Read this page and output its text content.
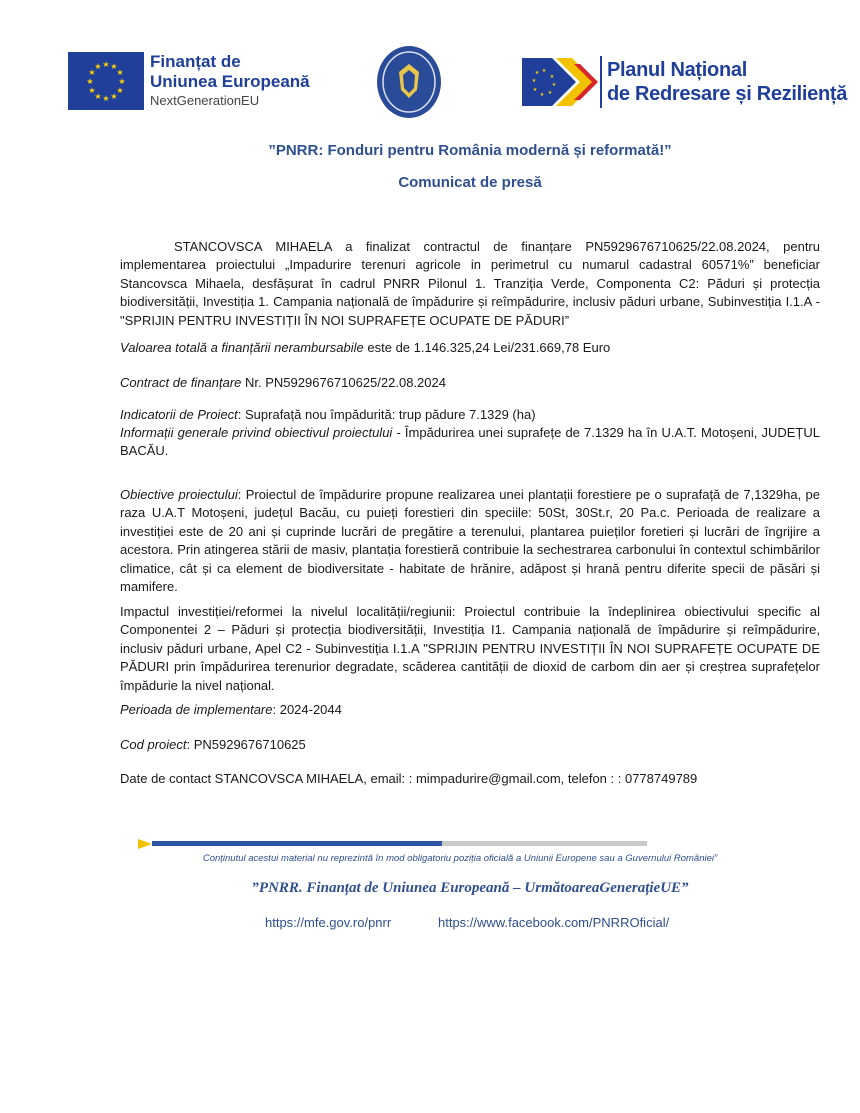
★ ★
★
★
★
★
★
★
★
★
★
★	Finanțat de
Uniunea Europeană
NextGenerationEU
★
★
★
★
★
★
★
★	Planul Național
de Redresare și Reziliență
”PNRR: Fonduri pentru România modernă și reformată!”
Comunicat de presă
STANCOVSCA MIHAELA a finalizat contractul de finanțare PN5929676710625/22.08.2024, pentru implementarea proiectului „Impadurire terenuri agricole in perimetrul cu numarul cadastral 60571%” beneficiar Stancovsca Mihaela, desfășurat în cadrul PNRR Pilonul 1. Tranziția Verde, Componenta C2: Păduri și protecția biodiversității, Investiția 1. Campania națională de împădurire și reîmpădurire, inclusiv păduri urbane, Subinvestiția I.1.A - "SPRIJIN PENTRU INVESTIȚII ÎN NOI SUPRAFEȚE OCUPATE DE PĂDURI”
Valoarea totală a finanțării nerambursabile este de 1.146.325,24 Lei/231.669,78 Euro
Contract de finanțare Nr. PN5929676710625/22.08.2024
Indicatorii de Proiect: Suprafață nou împădurită: trup pădure 7.1329 (ha)
Informații generale privind obiectivul proiectului - Împădurirea unei suprafețe de 7.1329 ha în U.A.T. Motoșeni, JUDEȚUL BACĂU.
Obiective proiectului: Proiectul de împădurire propune realizarea unei plantații forestiere pe o suprafață de 7,1329ha, pe raza U.A.T Motoșeni, județul Bacău, cu puieți forestieri din speciile: 50St, 30St.r, 20 Pa.c. Perioada de realizare a investiției este de 20 ani și cuprinde lucrări de pregătire a terenului, plantarea puieților foretieri și lucrări de îngrijire a acestora. Prin atingerea stării de masiv, plantația forestieră contribuie la sechestrarea carbonului în contextul schimbărilor climatice, cât și ca element de biodiversitate - habitate de hrănire, adăpost și hrană pentru diferite specii de păsări și mamifere.
Impactul investiției/reformei la nivelul localității/regiunii: Proiectul contribuie la îndeplinirea obiectivului specific al Componentei 2 – Păduri și protecția biodiversității, Investiția I1. Campania națională de împădurire și reîmpădurire, inclusiv păduri urbane, Apel C2 - Subinvestiția I.1.A "SPRIJIN PENTRU INVESTIȚII ÎN NOI SUPRAFEȚE OCUPATE DE PĂDURI prin împădurirea terenurior degradate, scăderea cantității de dioxid de carbom din aer și creștrea suprafețelor împădurie la nivel național.
Perioada de implementare: 2024-2044
Cod proiect: PN5929676710625
Date de contact STANCOVSCA MIHAELA, email: : mimpadurire@gmail.com, telefon : : 0778749789
Conținutul acestui material nu reprezintă în mod obligatoriu poziția oficială a Uniunii Europene sau a Guvernului României”
”PNRR. Finanțat de Uniunea Europeană – UrmătoareaGenerațieUE”
https://mfe.gov.ro/pnrr	https://www.facebook.com/PNRROficial/
